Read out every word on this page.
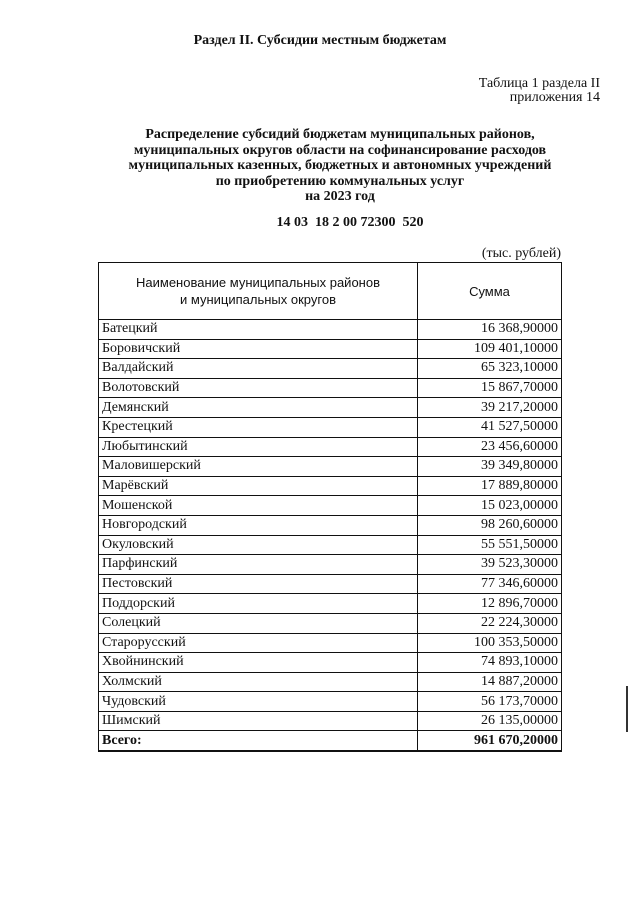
Раздел II. Субсидии местным бюджетам
Таблица 1 раздела II
приложения 14
Распределение субсидий бюджетам муниципальных районов,
муниципальных округов области на софинансирование расходов
муниципальных казенных, бюджетных и автономных учреждений
по приобретению коммунальных услуг
на 2023 год
14 03  18 2 00 72300  520
(тыс. рублей)
Наименование муниципальных районов
и муниципальных округов	Сумма
Батецкий	16 368,90000
Боровичский	109 401,10000
Валдайский	65 323,10000
Волотовский	15 867,70000
Демянский	39 217,20000
Крестецкий	41 527,50000
Любытинский	23 456,60000
Маловишерский	39 349,80000
Марёвский	17 889,80000
Мошенской	15 023,00000
Новгородский	98 260,60000
Окуловский	55 551,50000
Парфинский	39 523,30000
Пестовский	77 346,60000
Поддорский	12 896,70000
Солецкий	22 224,30000
Старорусский	100 353,50000
Хвойнинский	74 893,10000
Холмский	14 887,20000
Чудовский	56 173,70000
Шимский	26 135,00000
Всего:	961 670,20000
